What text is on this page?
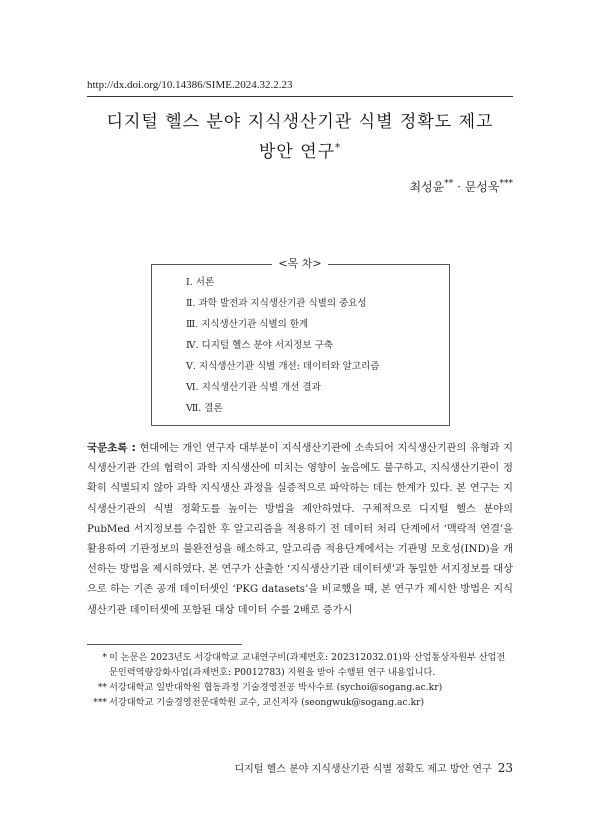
http://dx.doi.org/10.14386/SIME.2024.32.2.23
디지털 헬스 분야 지식생산기관 식별 정확도 제고
방안 연구*
최성윤** · 문성욱***
<목 차>
Ⅰ. 서론
Ⅱ. 과학 발전과 지식생산기관 식별의 중요성
Ⅲ. 지식생산기관 식별의 한계
Ⅳ. 디지털 헬스 분야 서지정보 구축
Ⅴ. 지식생산기관 식별 개선: 데이터와 알고리즘
Ⅵ. 지식생산기관 식별 개선 결과
Ⅶ. 결론

국문초록 : 현대에는 개인 연구자 대부분이 지식생산기관에 소속되어 지식생산기관의 유형과 지식생산기관 간의 협력이 과학 지식생산에 미치는 영향이 높음에도 불구하고, 지식생산기관이 정확히 식별되지 않아 과학 지식생산 과정을 실증적으로 파악하는 데는 한계가 있다. 본 연구는 지식생산기관의 식별 정확도를 높이는 방법을 제안하였다. 구체적으로 디지털 헬스 분야의 PubMed 서지정보를 수집한 후 알고리즘을 적용하기 전 데이터 처리 단계에서 ‘맥락적 연결’을 활용하여 기관정보의 불완전성을 해소하고, 알고리즘 적용단계에서는 기관명 모호성(IND)을 개선하는 방법을 제시하였다. 본 연구가 산출한 ‘지식생산기관 데이터셋’과 동일한 서지정보를 대상으로 하는 기존 공개 데이터셋인 ‘PKG datasets’을 비교했을 때, 본 연구가 제시한 방법은 지식생산기관 데이터셋에 포함된 대상 데이터 수를 2배로 증가시

* 이 논문은 2023년도 서강대학교 교내연구비(과제번호: 202312032.01)와 산업통상자원부 산업전문인력역량강화사업(과제번호: P0012783) 지원을 받아 수행된 연구 내용입니다.
** 서강대학교 일반대학원 협동과정 기술경영전공 박사수료 (sychoi@sogang.ac.kr)
*** 서강대학교 기술경영전문대학원 교수, 교신저자 (seongwuk@sogang.ac.kr)
디지털 헬스 분야 지식생산기관 식별 정확도 제고 방안 연구 23
